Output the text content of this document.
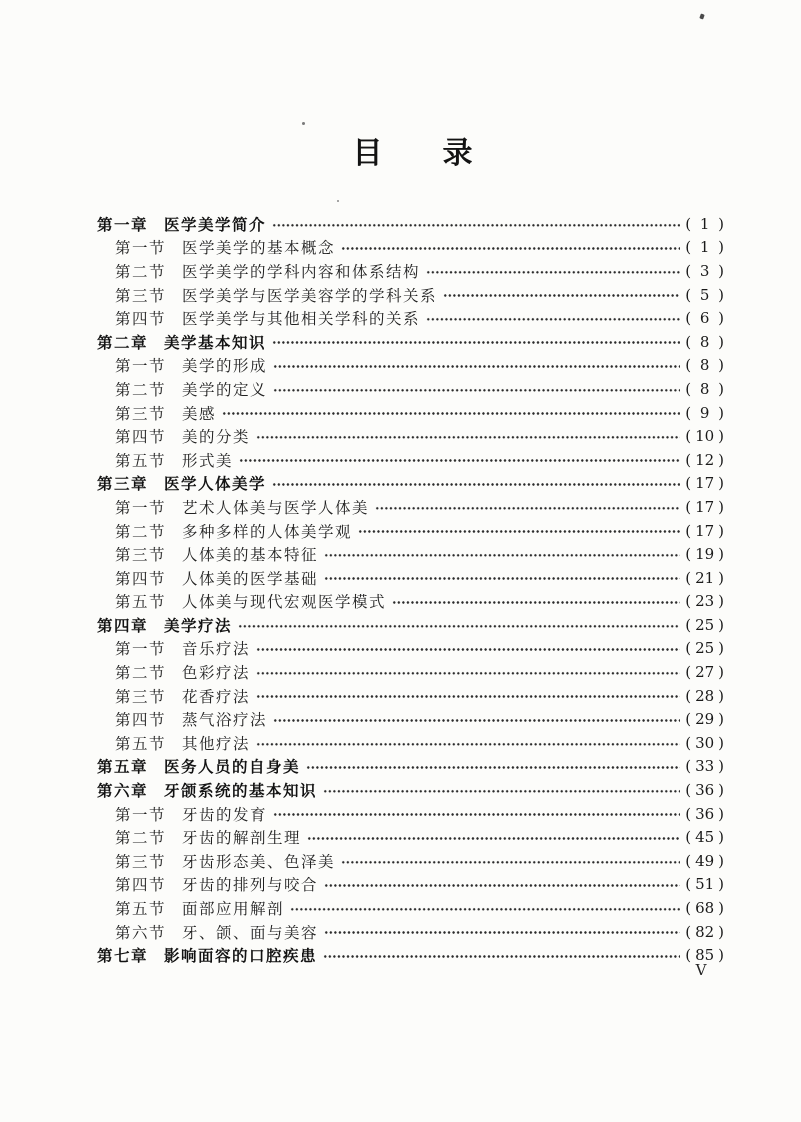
目　　录
第一章 医学美学简介	( 1 )
第一节 医学美学的基本概念	( 1 )
第二节 医学美学的学科内容和体系结构	( 3 )
第三节 医学美学与医学美容学的学科关系	( 5 )
第四节 医学美学与其他相关学科的关系	( 6 )
第二章 美学基本知识	( 8 )
第一节 美学的形成	( 8 )
第二节 美学的定义	( 8 )
第三节 美感	( 9 )
第四节 美的分类	( 10 )
第五节 形式美	( 12 )
第三章 医学人体美学	( 17 )
第一节 艺术人体美与医学人体美	( 17 )
第二节 多种多样的人体美学观	( 17 )
第三节 人体美的基本特征	( 19 )
第四节 人体美的医学基础	( 21 )
第五节 人体美与现代宏观医学模式	( 23 )
第四章 美学疗法	( 25 )
第一节 音乐疗法	( 25 )
第二节 色彩疗法	( 27 )
第三节 花香疗法	( 28 )
第四节 蒸气浴疗法	( 29 )
第五节 其他疗法	( 30 )
第五章 医务人员的自身美	( 33 )
第六章 牙颌系统的基本知识	( 36 )
第一节 牙齿的发育	( 36 )
第二节 牙齿的解剖生理	( 45 )
第三节 牙齿形态美、色泽美	( 49 )
第四节 牙齿的排列与咬合	( 51 )
第五节 面部应用解剖	( 68 )
第六节 牙、颌、面与美容	( 82 )
第七章 影响面容的口腔疾患	( 85 )
V
